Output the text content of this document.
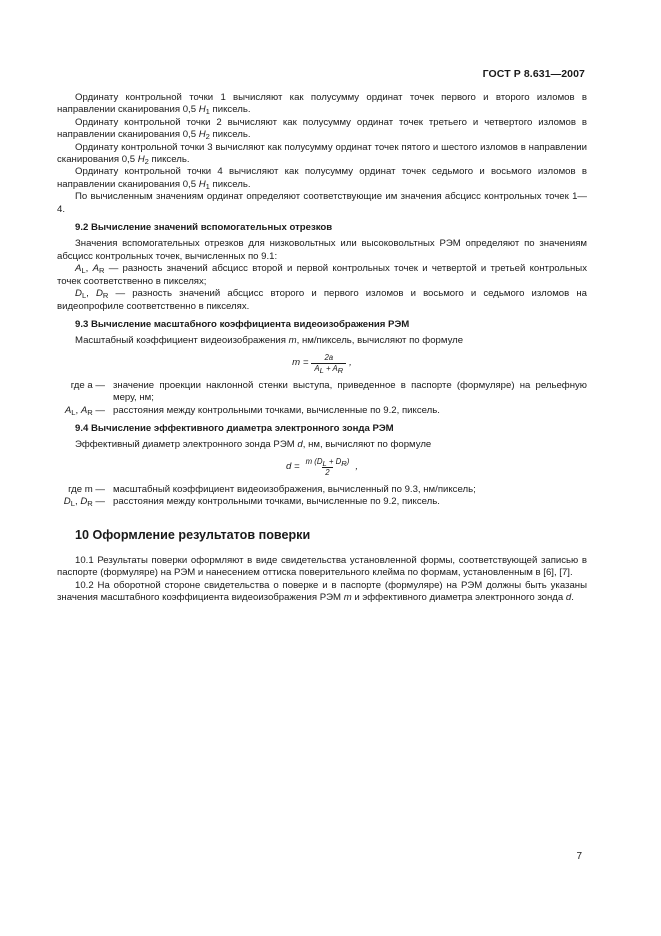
ГОСТ Р 8.631—2007

Ординату контрольной точки 1 вычисляют как полусумму ординат точек первого и второго изломов в направлении сканирования 0,5 $H_1$ пиксель.

Ординату контрольной точки 2 вычисляют как полусумму ординат точек третьего и четвертого изломов в направлении сканирования 0,5 $H_2$ пиксель.

Ординату контрольной точки 3 вычисляют как полусумму ординат точек пятого и шестого изломов в направлении сканирования 0,5 $H_2$ пиксель.

Ординату контрольной точки 4 вычисляют как полусумму ординат точек седьмого и восьмого изломов в направлении сканирования 0,5 $H_1$ пиксель.

По вычисленным значениям ординат определяют соответствующие им значения абсцисс контрольных точек 1—4.

9.2 Вычисление значений вспомогательных отрезков

Значения вспомогательных отрезков для низковольтных или высоковольтных РЭМ определяют по значениям абсцисс контрольных точек, вычисленных по 9.1:

$A_L$, $A_R$ — разность значений абсцисс второй и первой контрольных точек и четвертой и третьей контрольных точек соответственно в пикселях;

$D_L$, $D_R$ — разность значений абсцисс второго и первого изломов и восьмого и седьмого изломов на видеопрофиле соответственно в пикселях.

9.3 Вычисление масштабного коэффициента видеоизображения РЭМ

Масштабный коэффициент видеоизображения m, нм/пиксель, вычисляют по формуле

$m = \frac{2a}{AL + AR}$ ,
где a — значение проекции наклонной стенки выступа, приведенное в паспорте (формуляре) на рельефную меру, нм;
$A_L$, $A_R$ — расстояния между контрольными точками, вычисленные по 9.2, пиксель.

9.4 Вычисление эффективного диаметра электронного зонда РЭМ

Эффективный диаметр электронного зонда РЭМ d, нм, вычисляют по формуле

$d = \frac{m (DL + DR)}{2}$ ,
где m — масштабный коэффициент видеоизображения, вычисленный по 9.3, нм/пиксель;
$D_L$, $D_R$ — расстояния между контрольными точками, вычисленные по 9.2, пиксель.

10 Оформление результатов поверки

10.1 Результаты поверки оформляют в виде свидетельства установленной формы, соответствующей записью в паспорте (формуляре) на РЭМ и нанесением оттиска поверительного клейма по формам, установленным в [6], [7].

10.2 На оборотной стороне свидетельства о поверке и в паспорте (формуляре) на РЭМ должны быть указаны значения масштабного коэффициента видеоизображения РЭМ m и эффективного диаметра электронного зонда d.

7
